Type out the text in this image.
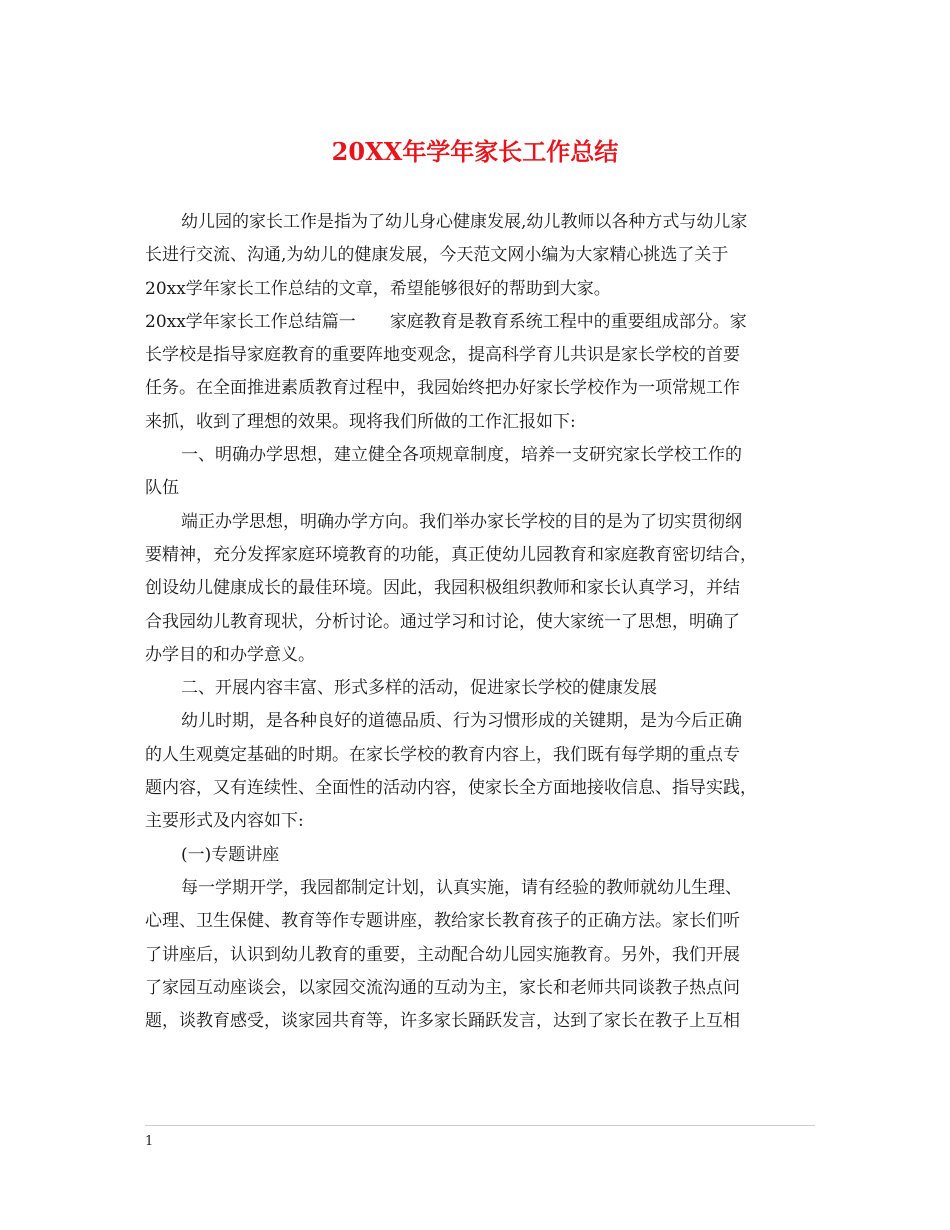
20XX年学年家长工作总结
幼儿园的家长工作是指为了幼儿身心健康发展,幼儿教师以各种方式与幼儿家
长进行交流、沟通,为幼儿的健康发展，今天范文网小编为大家精心挑选了关于
20xx学年家长工作总结的文章，希望能够很好的帮助到大家。
20xx学年家长工作总结篇一 家庭教育是教育系统工程中的重要组成部分。家
长学校是指导家庭教育的重要阵地变观念，提高科学育儿共识是家长学校的首要
任务。在全面推进素质教育过程中，我园始终把办好家长学校作为一项常规工作
来抓，收到了理想的效果。现将我们所做的工作汇报如下:
一、明确办学思想，建立健全各项规章制度，培养一支研究家长学校工作的
队伍
端正办学思想，明确办学方向。我们举办家长学校的目的是为了切实贯彻纲
要精神，充分发挥家庭环境教育的功能，真正使幼儿园教育和家庭教育密切结合，
创设幼儿健康成长的最佳环境。因此，我园积极组织教师和家长认真学习，并结
合我园幼儿教育现状，分析讨论。通过学习和讨论，使大家统一了思想，明确了
办学目的和办学意义。
二、开展内容丰富、形式多样的活动，促进家长学校的健康发展
幼儿时期，是各种良好的道德品质、行为习惯形成的关键期，是为今后正确
的人生观奠定基础的时期。在家长学校的教育内容上，我们既有每学期的重点专
题内容，又有连续性、全面性的活动内容，使家长全方面地接收信息、指导实践，
主要形式及内容如下:
(一)专题讲座
每一学期开学，我园都制定计划，认真实施，请有经验的教师就幼儿生理、
心理、卫生保健、教育等作专题讲座，教给家长教育孩子的正确方法。家长们听
了讲座后，认识到幼儿教育的重要，主动配合幼儿园实施教育。另外，我们开展
了家园互动座谈会，以家园交流沟通的互动为主，家长和老师共同谈教子热点问
题，谈教育感受，谈家园共育等，许多家长踊跃发言，达到了家长在教子上互相
1
